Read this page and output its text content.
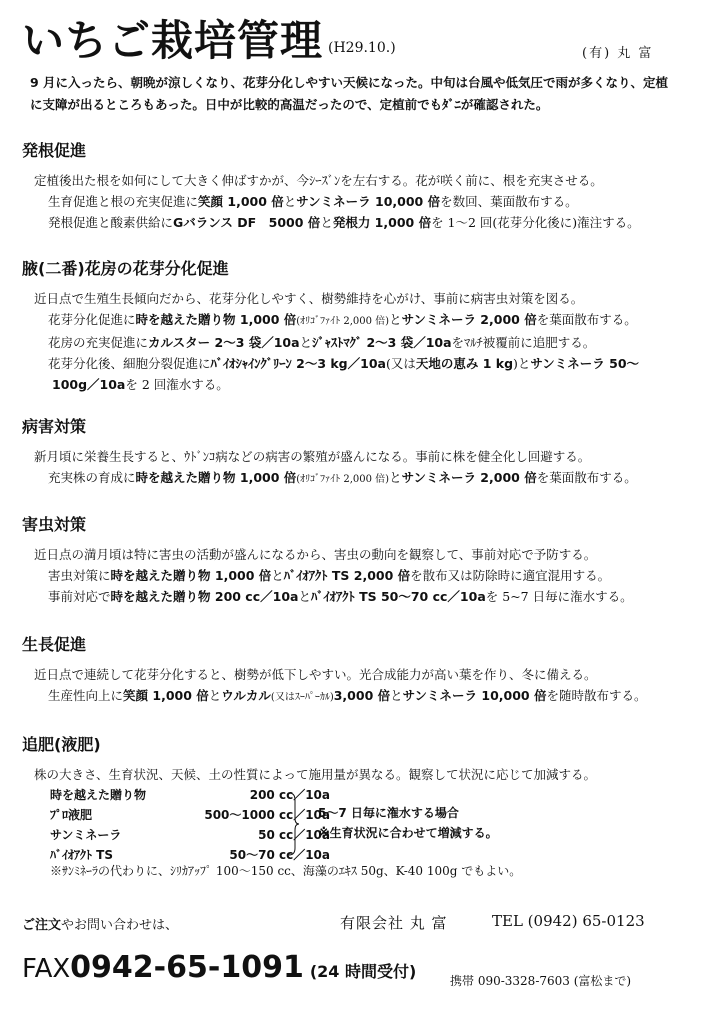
いちご栽培管理 (H29.10.)	(有) 丸 富
9 月に入ったら、朝晩が涼しくなり、花芽分化しやすい天候になった。中旬は台風や低気圧で雨が多くなり、定植
に支障が出るところもあった。日中が比較的高温だったので、定植前でもﾀﾞﾆが確認された。
発根促進
定植後出た根を如何にして大きく伸ばすかが、今ｼｰｽﾞﾝを左右する。花が咲く前に、根を充実させる。
生育促進と根の充実促進に笑顔 1,000 倍とサンミネーラ 10,000 倍を数回、葉面散布する。
発根促進と酸素供給にGバランス DF　5000 倍と発根力 1,000 倍を 1～2 回(花芽分化後に)潅注する。
腋(二番)花房の花芽分化促進
近日点で生殖生長傾向だから、花芽分化しやすく、樹勢維持を心がけ、事前に病害虫対策を図る。
花芽分化促進に時を越えた贈り物 1,000 倍(ｵﾘｺﾞﾌｧｲﾄ 2,000 倍)とサンミネーラ 2,000 倍を葉面散布する。
花房の充実促進にカルスター 2～3 袋／10aとｼﾞｬｽﾄﾏｸﾞ 2～3 袋／10aをﾏﾙﾁ被覆前に追肥する。
花芽分化後、細胞分裂促進にﾊﾞｲｵｼｬｲﾝｸﾞﾘｰﾝ 2～3 kg／10a(又は天地の恵み 1 kg)とサンミネーラ 50～
100g／10aを 2 回潅水する。
病害対策
新月頃に栄養生長すると、ｳﾄﾞﾝｺ病などの病害の繁殖が盛んになる。事前に株を健全化し回避する。
充実株の育成に時を越えた贈り物 1,000 倍(ｵﾘｺﾞﾌｧｲﾄ 2,000 倍)とサンミネーラ 2,000 倍を葉面散布する。
害虫対策
近日点の満月頃は特に害虫の活動が盛んになるから、害虫の動向を観察して、事前対応で予防する。
害虫対策に時を越えた贈り物 1,000 倍とﾊﾞｲｵｱｸﾄ TS 2,000 倍を散布又は防除時に適宜混用する。
事前対応で時を越えた贈り物 200 cc／10aとﾊﾞｲｵｱｸﾄ TS 50～70 cc／10aを 5~7 日毎に潅水する。
生長促進
近日点で連続して花芽分化すると、樹勢が低下しやすい。光合成能力が高い葉を作り、冬に備える。
生産性向上に笑顔 1,000 倍とウルカル(又はｽｰﾊﾟｰｶﾙ)3,000 倍とサンミネーラ 10,000 倍を随時散布する。
追肥(液肥)
株の大きさ、生育状況、天候、土の性質によって施用量が異なる。観察して状況に応じて加減する。
時を越えた贈り物	200 cc／10a
ﾌﾟﾛ液肥	500～1000 cc／10a
サンミネーラ	50 cc／10a
ﾊﾞｲｵｱｸﾄ TS	50～70 cc／10a
5～7 日毎に潅水する場合
※生育状況に合わせて増減する。
※ｻﾝﾐﾈｰﾗの代わりに、ｼﾘｶｱｯﾌﾟ 100～150 cc、海藻のｴｷｽ 50g、K-40 100g でもよい。
ご注文やお問い合わせは、	有限会社 丸 富	TEL (0942) 65-0123
FAX0942-65-1091 (24 時間受付)	携帯 090-3328-7603 (富松まで)
